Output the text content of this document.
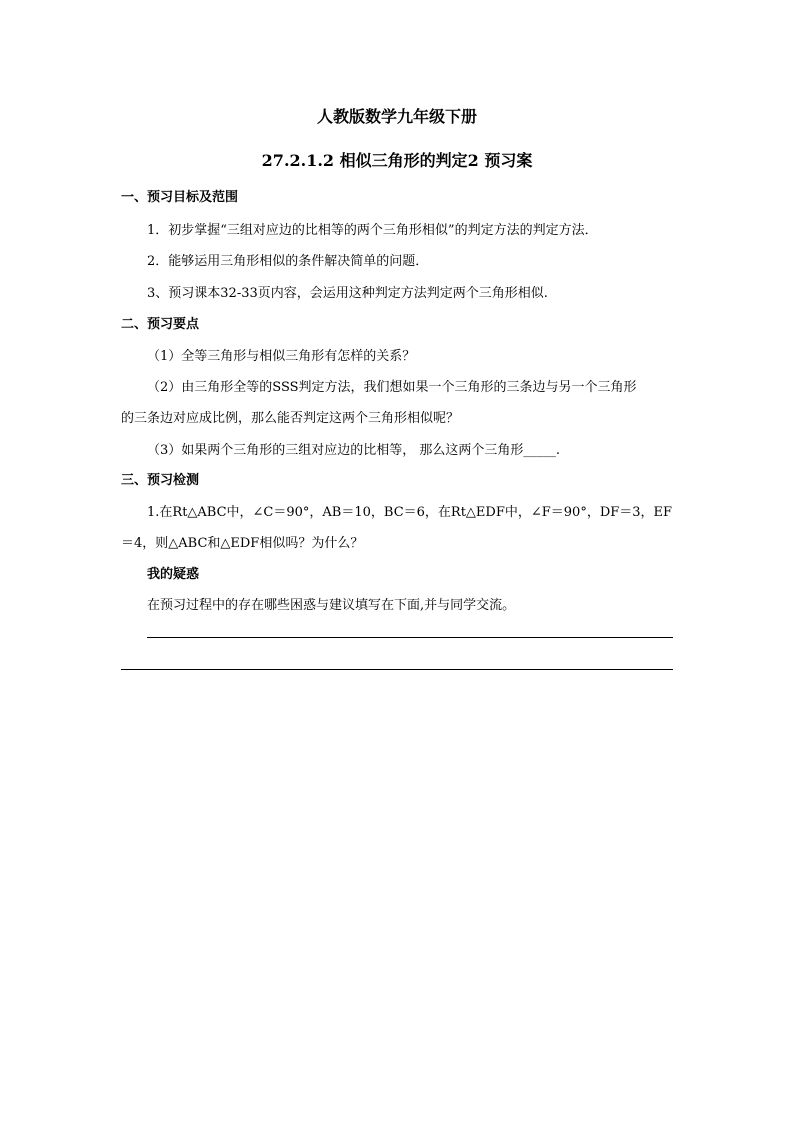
人教版数学九年级下册
27.2.1.2 相似三角形的判定2 预习案
一、预习目标及范围
1．初步掌握“三组对应边的比相等的两个三角形相似”的判定方法的判定方法．
2．能够运用三角形相似的条件解决简单的问题．
3、预习课本32-33页内容，会运用这种判定方法判定两个三角形相似.
二、预习要点
（1）全等三角形与相似三角形有怎样的关系？
（2）由三角形全等的SSS判定方法，我们想如果一个三角形的三条边与另一个三角形
的三条边对应成比例，那么能否判定这两个三角形相似呢？
（3）如果两个三角形的三组对应边的比相等， 那么这两个三角形_____.
三、预习检测
1.在Rt△ABC中，∠C＝90°，AB＝10，BC＝6，在Rt△EDF中，∠F＝90°，DF＝3，EF
＝4，则△ABC和△EDF相似吗？为什么？
我的疑惑
在预习过程中的存在哪些困惑与建议填写在下面,并与同学交流。
